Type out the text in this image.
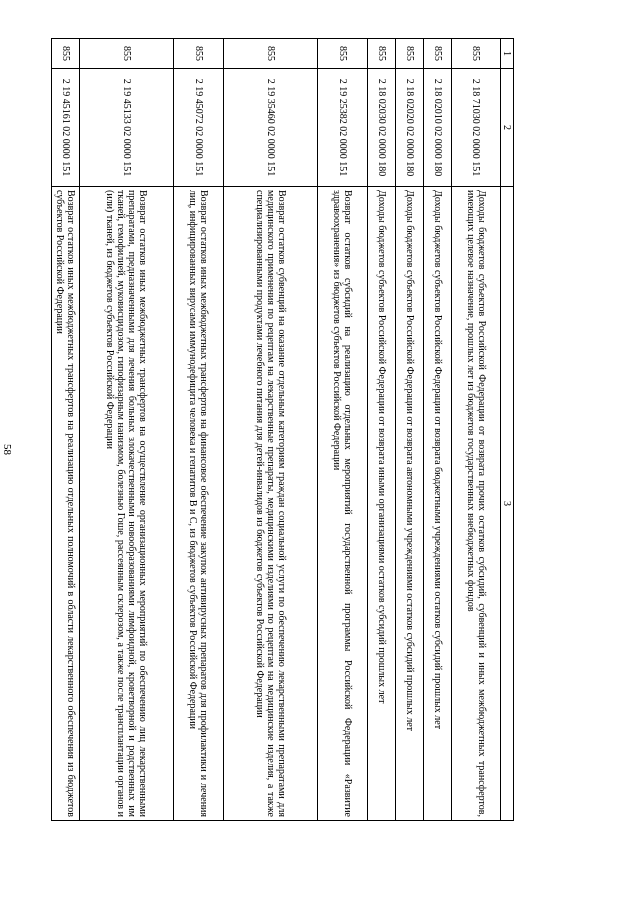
58
1	2	3
855	2 18 71030 02 0000 151	Доходы бюджетов субъектов Российской Федерации от возврата прочих остатков субсидий, субвенций и иных межбюджетных трансфертов, имеющих целевое назначение, прошлых лет из бюджетов государственных внебюджетных фондов
855	2 18 02010 02 0000 180	Доходы бюджетов субъектов Российской Федерации от возврата бюджетными учреждениями остатков субсидий прошлых лет
855	2 18 02020 02 0000 180	Доходы бюджетов субъектов Российской Федерации от возврата автономными учреждениями остатков субсидий прошлых лет
855	2 18 02030 02 0000 180	Доходы бюджетов субъектов Российской Федерации от возврата иными организациями остатков субсидий прошлых лет
855	2 19 25382 02 0000 151	Возврат остатков субсидий на реализацию отдельных мероприятий государственной программы Российской Федерации «Развитие здравоохранения» из бюджетов субъектов Российской Федерации
855	2 19 35460 02 0000 151	Возврат остатков субвенций на оказание отдельным категориям граждан социальной услуги по обеспечению лекарственными препаратами для медицинского применения по рецептам на лекарственные препараты, медицинскими изделиями по рецептам на медицинские изделия, а также специализированными продуктами лечебного питания для детей-инвалидов из бюджетов субъектов Российской Федерации
855	2 19 45072 02 0000 151	Возврат остатков иных межбюджетных трансфертов на финансовое обеспечение закупок антивирусных препаратов для профилактики и лечения лиц, инфицированных вирусами иммунодефицита человека и гепатитов В и С, из бюджетов субъектов Российской Федерации
855	2 19 45133 02 0000 151	Возврат остатков иных межбюджетных трансфертов на осуществление организационных мероприятий по обеспечению лиц лекарственными препаратами, предназначенными для лечения больных злокачественными новообразованиями лимфоидной, кроветворной и родственных им тканей, гемофилией, муковисцидозом, гипофизарным нанизмом, болезнью Гоше, рассеянным склерозом, а также после трансплантации органов и (или) тканей, из бюджетов субъектов Российской Федерации
855	2 19 45161 02 0000 151	Возврат остатков иных межбюджетных трансфертов на реализацию отдельных полномочий в области лекарственного обеспечения из бюджетов субъектов Российской Федерации
